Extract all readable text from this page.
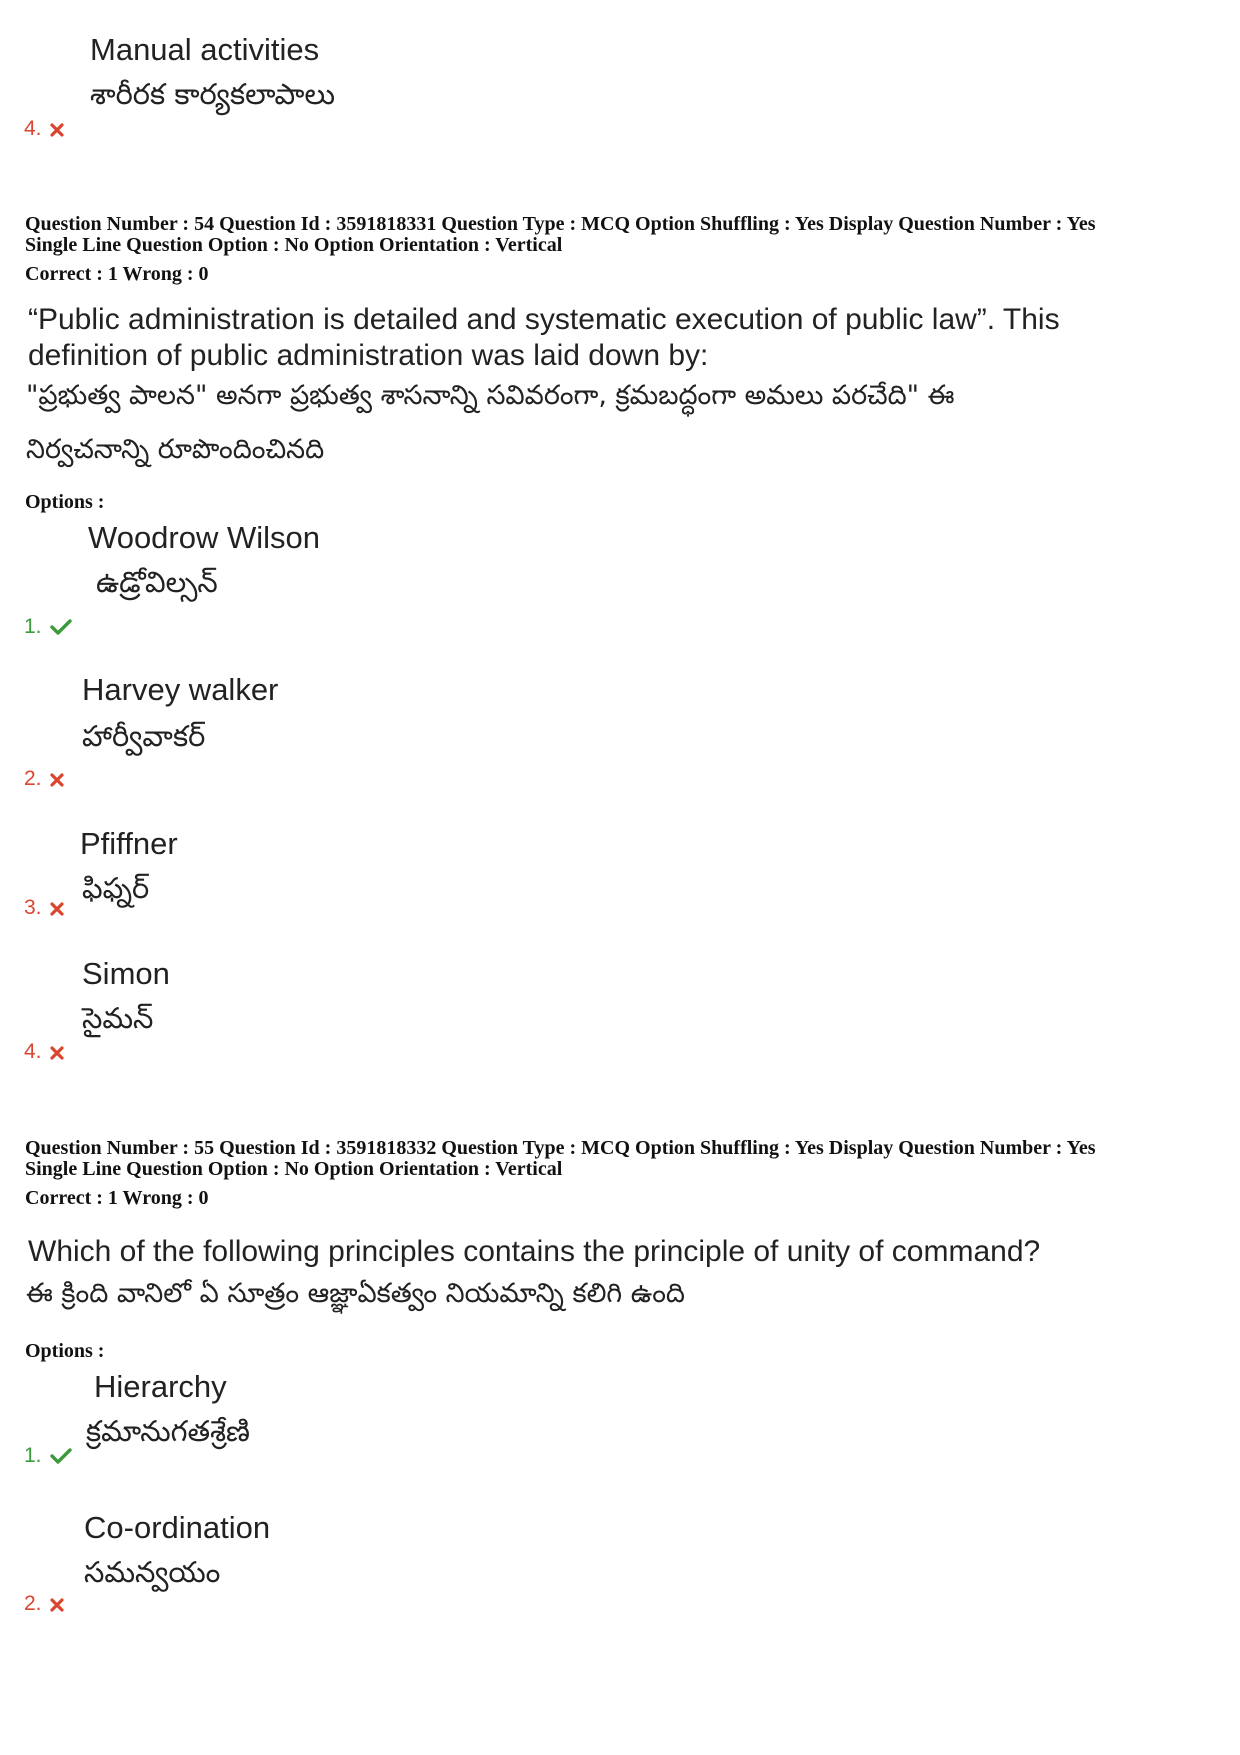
Manual activities
శారీరక కార్యకలాపాలు
4.
Question Number : 54 Question Id : 3591818331 Question Type : MCQ Option Shuffling : Yes Display Question Number : Yes
Single Line Question Option : No Option Orientation : Vertical
Correct : 1 Wrong : 0
“Public administration is detailed and systematic execution of public law”. This
definition of public administration was laid down by:
"ప్రభుత్వ పాలన" అనగా ప్రభుత్వ శాసనాన్ని సవివరంగా, క్రమబద్ధంగా అమలు పరచేది" ఈ
నిర్వచనాన్ని రూపొందించినది
Options :
Woodrow Wilson
ఉడ్రోవిల్సన్
1.
Harvey walker
హార్వీవాకర్
2.
Pfiffner
ఫిఫ్నర్
3.
Simon
సైమన్
4.
Question Number : 55 Question Id : 3591818332 Question Type : MCQ Option Shuffling : Yes Display Question Number : Yes
Single Line Question Option : No Option Orientation : Vertical
Correct : 1 Wrong : 0
Which of the following principles contains the principle of unity of command?
ఈ క్రింది వానిలో ఏ సూత్రం ఆజ్ఞాఏకత్వం నియమాన్ని కలిగి ఉంది
Options :
Hierarchy
క్రమానుగతశ్రేణి
1.
Co-ordination
సమన్వయం
2.
